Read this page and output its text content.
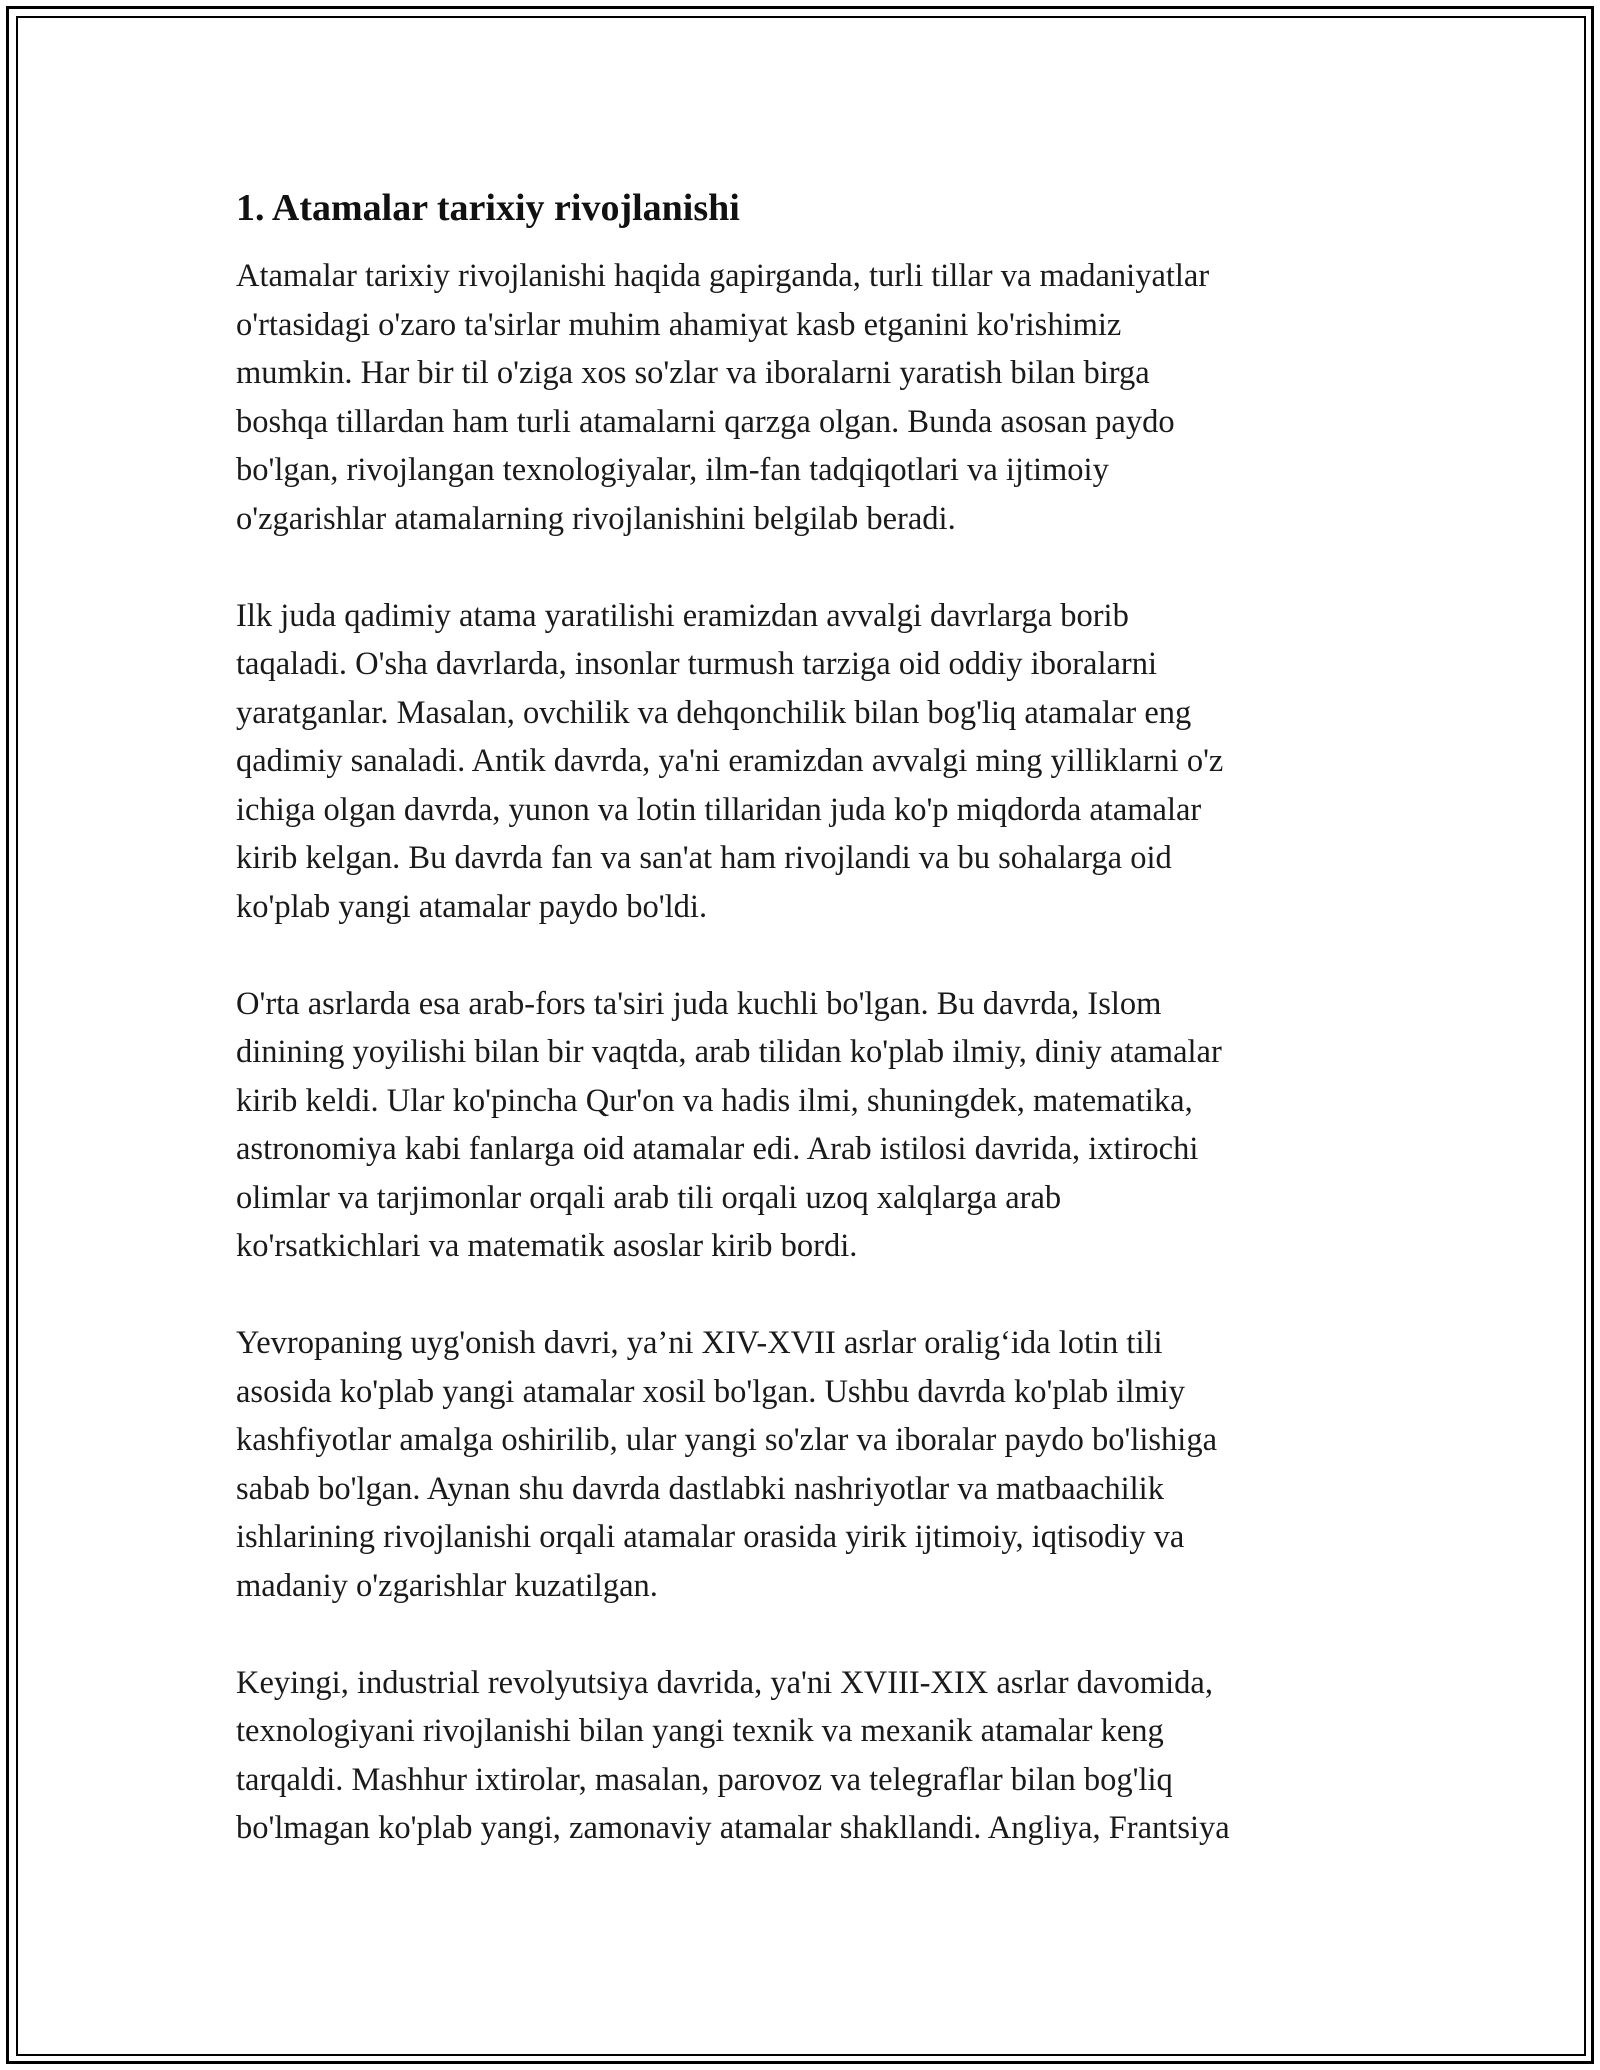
1. Atamalar tarixiy rivojlanishi

Atamalar tarixiy rivojlanishi haqida gapirganda, turli tillar va madaniyatlar
o'rtasidagi o'zaro ta'sirlar muhim ahamiyat kasb etganini ko'rishimiz
mumkin. Har bir til o'ziga xos so'zlar va iboralarni yaratish bilan birga
boshqa tillardan ham turli atamalarni qarzga olgan. Bunda asosan paydo
bo'lgan, rivojlangan texnologiyalar, ilm-fan tadqiqotlari va ijtimoiy
o'zgarishlar atamalarning rivojlanishini belgilab beradi.

Ilk juda qadimiy atama yaratilishi eramizdan avvalgi davrlarga borib
taqaladi. O'sha davrlarda, insonlar turmush tarziga oid oddiy iboralarni
yaratganlar. Masalan, ovchilik va dehqonchilik bilan bog'liq atamalar eng
qadimiy sanaladi. Antik davrda, ya'ni eramizdan avvalgi ming yilliklarni o'z
ichiga olgan davrda, yunon va lotin tillaridan juda ko'p miqdorda atamalar
kirib kelgan. Bu davrda fan va san'at ham rivojlandi va bu sohalarga oid
ko'plab yangi atamalar paydo bo'ldi.

O'rta asrlarda esa arab-fors ta'siri juda kuchli bo'lgan. Bu davrda, Islom
dinining yoyilishi bilan bir vaqtda, arab tilidan ko'plab ilmiy, diniy atamalar
kirib keldi. Ular ko'pincha Qur'on va hadis ilmi, shuningdek, matematika,
astronomiya kabi fanlarga oid atamalar edi. Arab istilosi davrida, ixtirochi
olimlar va tarjimonlar orqali arab tili orqali uzoq xalqlarga arab
ko'rsatkichlari va matematik asoslar kirib bordi.

Yevropaning uyg'onish davri, ya’ni XIV-XVII asrlar oralig‘ida lotin tili
asosida ko'plab yangi atamalar xosil bo'lgan. Ushbu davrda ko'plab ilmiy
kashfiyotlar amalga oshirilib, ular yangi so'zlar va iboralar paydo bo'lishiga
sabab bo'lgan. Aynan shu davrda dastlabki nashriyotlar va matbaachilik
ishlarining rivojlanishi orqali atamalar orasida yirik ijtimoiy, iqtisodiy va
madaniy o'zgarishlar kuzatilgan.

Keyingi, industrial revolyutsiya davrida, ya'ni XVIII-XIX asrlar davomida,
texnologiyani rivojlanishi bilan yangi texnik va mexanik atamalar keng
tarqaldi. Mashhur ixtirolar, masalan, parovoz va telegraflar bilan bog'liq
bo'lmagan ko'plab yangi, zamonaviy atamalar shakllandi. Angliya, Frantsiya
